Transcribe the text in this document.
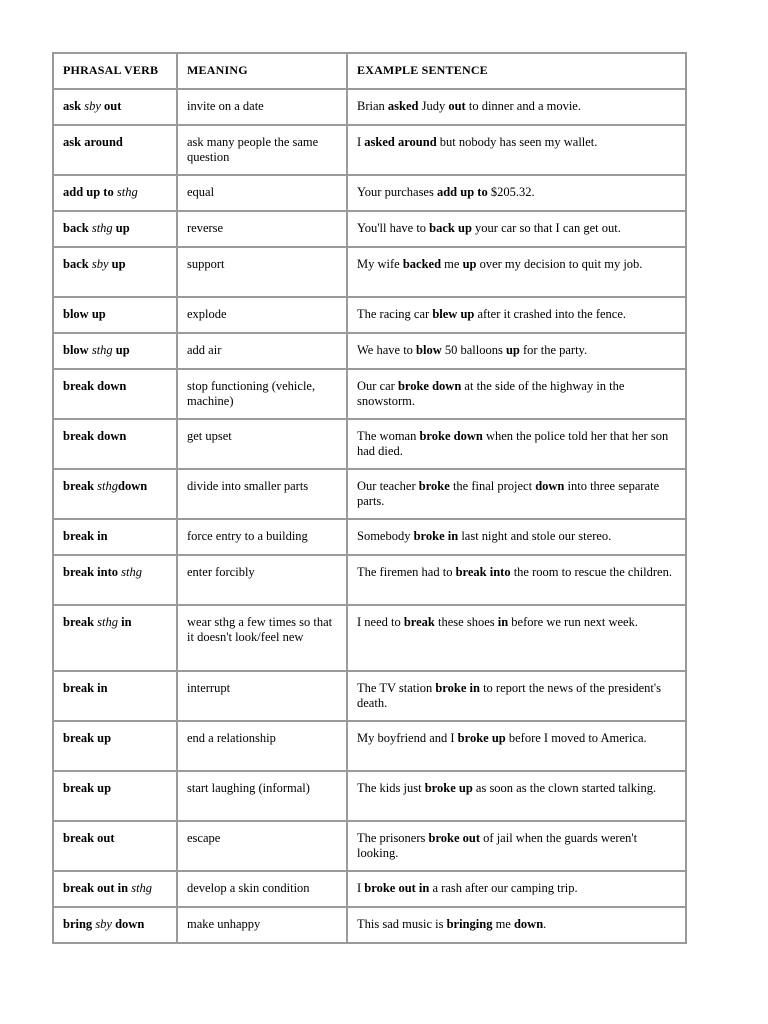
PHRASAL VERB	MEANING	EXAMPLE SENTENCE

ask sby out	invite on a date	Brian asked Judy out to dinner and a movie.

ask around	ask many people the same question	I asked around but nobody has seen my wallet.

add up to sthg	equal	Your purchases add up to $205.32.

back sthg up	reverse	You'll have to back up your car so that I can get out.

back sby up	support	My wife backed me up over my decision to quit my job.

blow up	explode	The racing car blew up after it crashed into the fence.

blow sthg up	add air	We have to blow 50 balloons up for the party.

break down	stop functioning (vehicle, machine)	Our car broke down at the side of the highway in the snowstorm.

break down	get upset	The woman broke down when the police told her that her son had died.

break sthgdown	divide into smaller parts	Our teacher broke the final project down into three separate parts.

break in	force entry to a building	Somebody broke in last night and stole our stereo.

break into sthg	enter forcibly	The firemen had to break into the room to rescue the children.

break sthg in	wear sthg a few times so that it doesn't look/feel new	I need to break these shoes in before we run next week.

break in	interrupt	The TV station broke in to report the news of the president's death.

break up	end a relationship	My boyfriend and I broke up before I moved to America.

break up	start laughing (informal)	The kids just broke up as soon as the clown started talking.

break out	escape	The prisoners broke out of jail when the guards weren't looking.

break out in sthg	develop a skin condition	I broke out in a rash after our camping trip.

bring sby down	make unhappy	This sad music is bringing me down.
